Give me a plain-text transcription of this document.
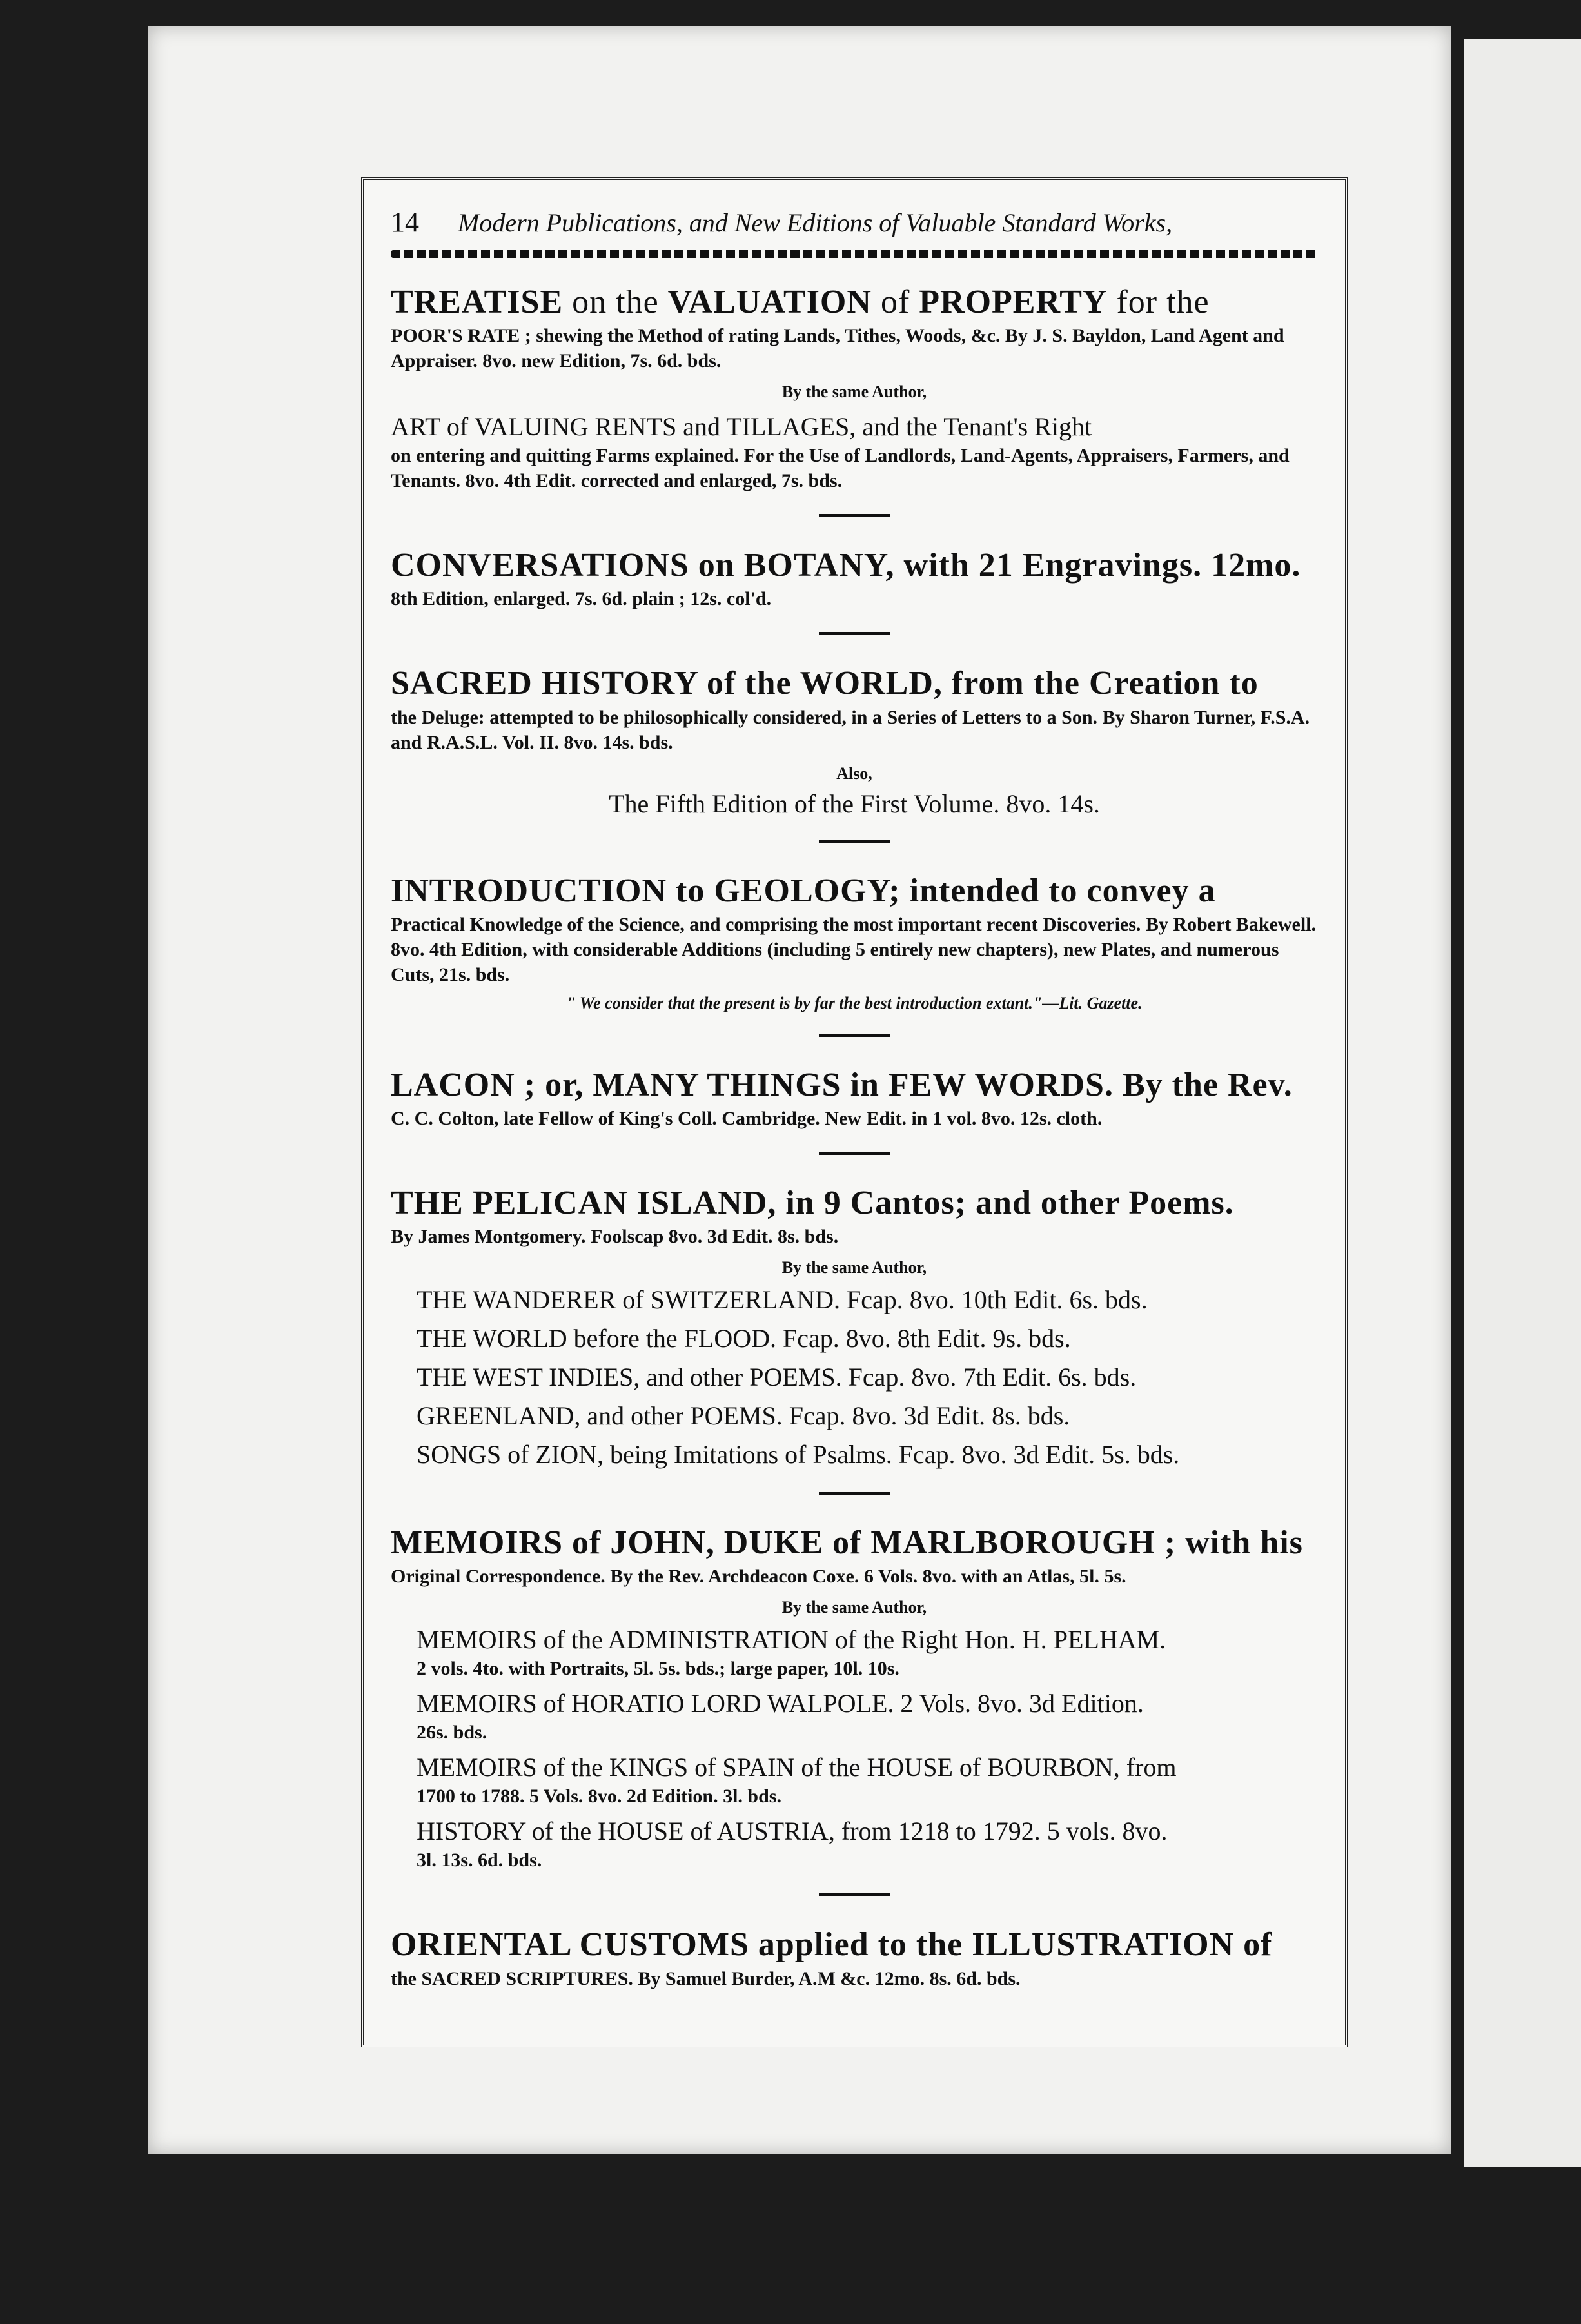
14 Modern Publications, and New Editions of Valuable Standard Works,
TREATISE on the VALUATION of PROPERTY for the
POOR'S RATE ; shewing the Method of rating Lands, Tithes, Woods, &c. By J. S. Bayldon, Land Agent and Appraiser. 8vo. new Edition, 7s. 6d. bds.
By the same Author,
ART of VALUING RENTS and TILLAGES, and the Tenant's Right
on entering and quitting Farms explained. For the Use of Landlords, Land-Agents, Appraisers, Farmers, and Tenants. 8vo. 4th Edit. corrected and enlarged, 7s. bds.
CONVERSATIONS on BOTANY, with 21 Engravings. 12mo.
8th Edition, enlarged. 7s. 6d. plain ; 12s. col'd.
SACRED HISTORY of the WORLD, from the Creation to
the Deluge: attempted to be philosophically considered, in a Series of Letters to a Son. By Sharon Turner, F.S.A. and R.A.S.L. Vol. II. 8vo. 14s. bds.
Also,
The Fifth Edition of the First Volume. 8vo. 14s.
INTRODUCTION to GEOLOGY; intended to convey a
Practical Knowledge of the Science, and comprising the most important recent Discoveries. By Robert Bakewell. 8vo. 4th Edition, with considerable Additions (including 5 entirely new chapters), new Plates, and numerous Cuts, 21s. bds.
" We consider that the present is by far the best introduction extant."—Lit. Gazette.
LACON ; or, MANY THINGS in FEW WORDS. By the Rev.
C. C. Colton, late Fellow of King's Coll. Cambridge. New Edit. in 1 vol. 8vo. 12s. cloth.
THE PELICAN ISLAND, in 9 Cantos; and other Poems.
By James Montgomery. Foolscap 8vo. 3d Edit. 8s. bds.
By the same Author,
THE WANDERER of SWITZERLAND. Fcap. 8vo. 10th Edit. 6s. bds.
THE WORLD before the FLOOD. Fcap. 8vo. 8th Edit. 9s. bds.
THE WEST INDIES, and other POEMS. Fcap. 8vo. 7th Edit. 6s. bds.
GREENLAND, and other POEMS. Fcap. 8vo. 3d Edit. 8s. bds.
SONGS of ZION, being Imitations of Psalms. Fcap. 8vo. 3d Edit. 5s. bds.
MEMOIRS of JOHN, DUKE of MARLBOROUGH ; with his
Original Correspondence. By the Rev. Archdeacon Coxe. 6 Vols. 8vo. with an Atlas, 5l. 5s.
By the same Author,
MEMOIRS of the ADMINISTRATION of the Right Hon. H. PELHAM.
2 vols. 4to. with Portraits, 5l. 5s. bds.; large paper, 10l. 10s.
MEMOIRS of HORATIO LORD WALPOLE. 2 Vols. 8vo. 3d Edition.
26s. bds.
MEMOIRS of the KINGS of SPAIN of the HOUSE of BOURBON, from
1700 to 1788. 5 Vols. 8vo. 2d Edition. 3l. bds.
HISTORY of the HOUSE of AUSTRIA, from 1218 to 1792. 5 vols. 8vo.
3l. 13s. 6d. bds.
ORIENTAL CUSTOMS applied to the ILLUSTRATION of
the SACRED SCRIPTURES. By Samuel Burder, A.M &c. 12mo. 8s. 6d. bds.
